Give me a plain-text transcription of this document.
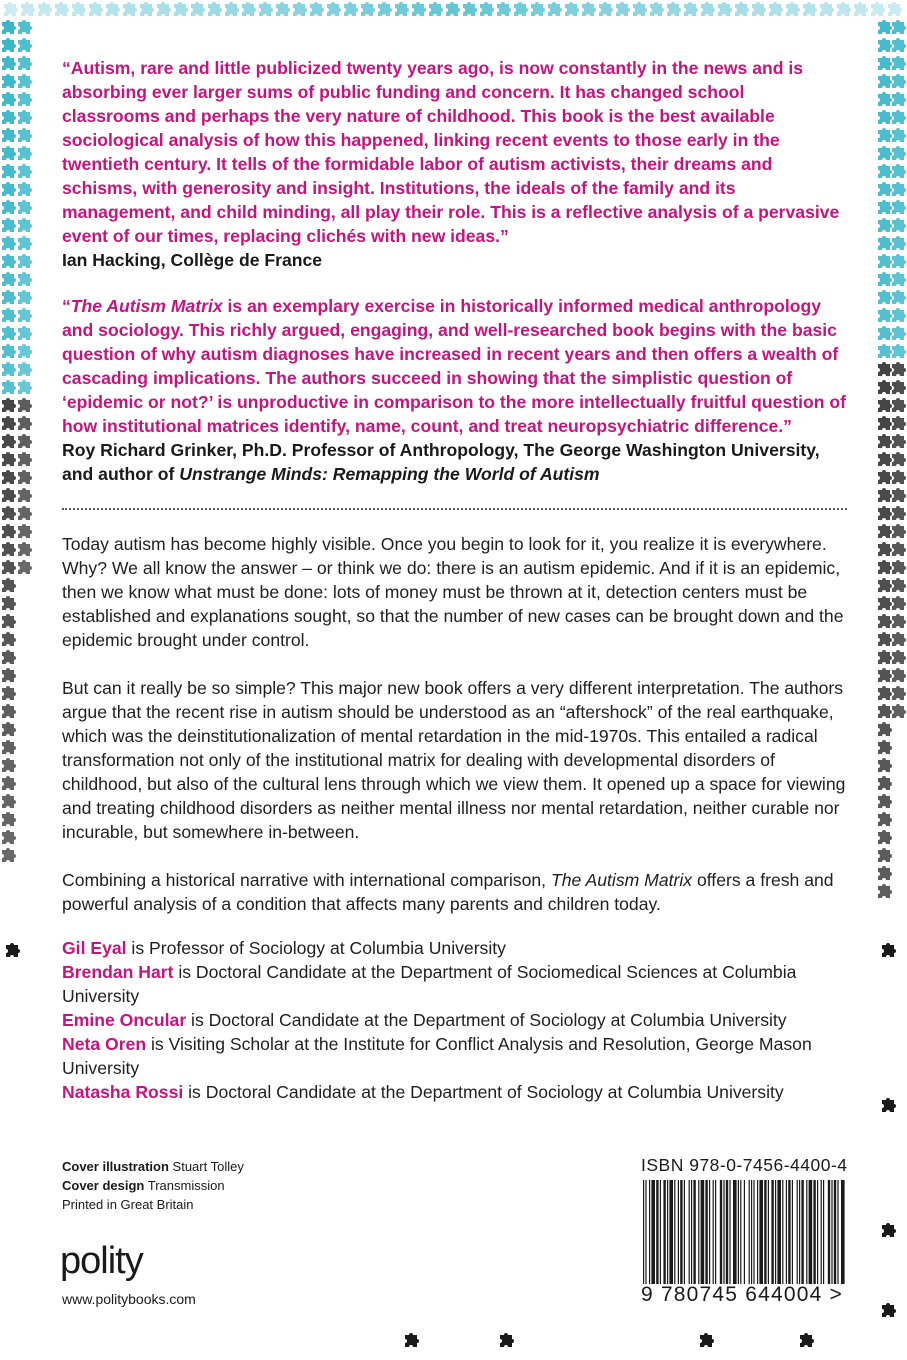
“Autism, rare and little publicized twenty years ago, is now constantly in the news and is absorbing ever larger sums of public funding and concern. It has changed school classrooms and perhaps the very nature of childhood. This book is the best available sociological analysis of how this happened, linking recent events to those early in the twentieth century. It tells of the formidable labor of autism activists, their dreams and schisms, with generosity and insight. Institutions, the ideals of the family and its management, and child minding, all play their role. This is a reflective analysis of a pervasive event of our times, replacing clichés with new ideas.”

Ian Hacking, Collège de France

“The Autism Matrix is an exemplary exercise in historically informed medical anthropology and sociology. This richly argued, engaging, and well-researched book begins with the basic question of why autism diagnoses have increased in recent years and then offers a wealth of cascading implications. The authors succeed in showing that the simplistic question of ‘epidemic or not?’ is unproductive in comparison to the more intellectually fruitful question of how institutional matrices identify, name, count, and treat neuropsychiatric difference.”

Roy Richard Grinker, Ph.D. Professor of Anthropology, The George Washington University, and author of Unstrange Minds: Remapping the World of Autism

Today autism has become highly visible. Once you begin to look for it, you realize it is everywhere. Why? We all know the answer – or think we do: there is an autism epidemic. And if it is an epidemic, then we know what must be done: lots of money must be thrown at it, detection centers must be established and explanations sought, so that the number of new cases can be brought down and the epidemic brought under control.

But can it really be so simple? This major new book offers a very different interpretation. The authors argue that the recent rise in autism should be understood as an “aftershock” of the real earthquake, which was the deinstitutionalization of mental retardation in the mid-1970s. This entailed a radical transformation not only of the institutional matrix for dealing with developmental disorders of childhood, but also of the cultural lens through which we view them. It opened up a space for viewing and treating childhood disorders as neither mental illness nor mental retardation, neither curable nor incurable, but somewhere in-between.

Combining a historical narrative with international comparison, The Autism Matrix offers a fresh and powerful analysis of a condition that affects many parents and children today.

Gil Eyal is Professor of Sociology at Columbia University

Brendan Hart is Doctoral Candidate at the Department of Sociomedical Sciences at Columbia University

Emine Oncular is Doctoral Candidate at the Department of Sociology at Columbia University

Neta Oren is Visiting Scholar at the Institute for Conflict Analysis and Resolution, George Mason University

Natasha Rossi is Doctoral Candidate at the Department of Sociology at Columbia University

Cover illustration Stuart Tolley
Cover design Transmission
Printed in Great Britain
polity
www.politybooks.com
ISBN 978-0-7456-4400-4
9 780745 644004 >
